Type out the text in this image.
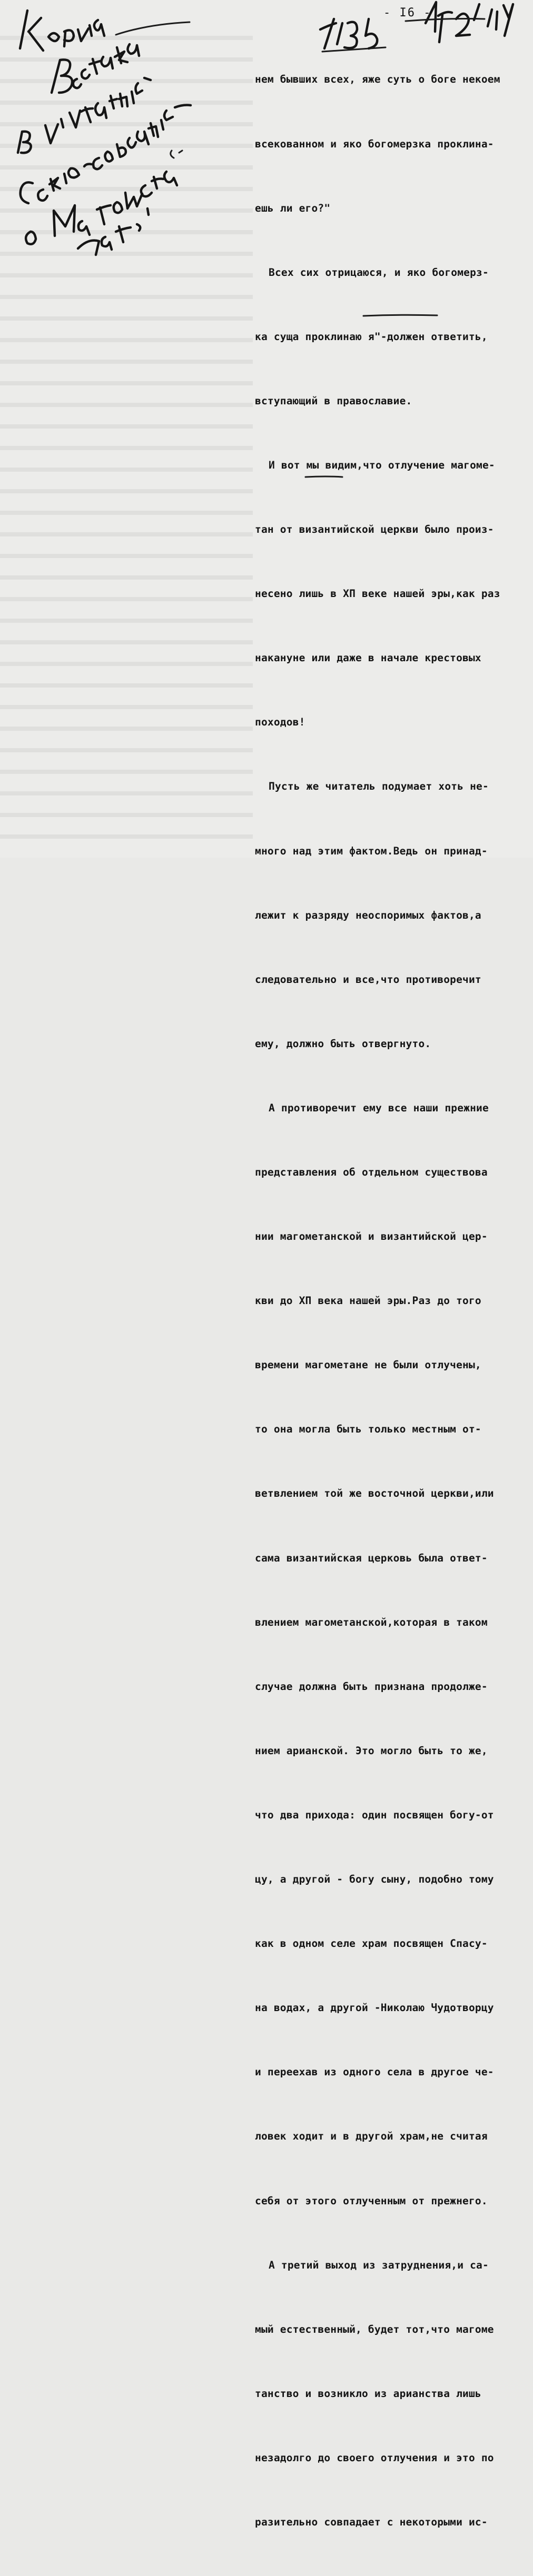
- I6 -

нем бывших всех, яже суть о боге некоем

всекованном и яко богомерзка проклина-

ешь ли его?"

Всех сих отрицаюся, и яко богомерз-

ка суща проклинаю я"-должен ответить,

вступающий в православие.

И вот мы видим,что отлучение магоме-

тан от византийской церкви было произ-

несено лишь в ХП веке нашей эры,как раз

накануне или даже в начале крестовых

походов!

Пусть же читатель подумает хоть не-

много над этим фактом.Ведь он принад-

лежит к разряду неоспоримых фактов,а

следовательно и все,что противоречит

ему, должно быть отвергнуто.

А противоречит ему все наши прежние

представления об отдельном существова

нии магометанской и византийской цер-

кви до ХП века нашей эры.Раз до того

времени магометане не были отлучены,

то она могла быть только местным от-

ветвлением той же восточной церкви,или

сама византийская церковь была ответ-

влением магометанской,которая в таком

случае должна быть признана продолже-

нием арианской. Это могло быть то же,

что два прихода: один посвящен богу-от

цу, а другой - богу сыну, подобно тому

как в одном селе храм посвящен Спасу-

на водах, а другой -Николаю Чудотворцу

и переехав из одного села в другое че-

ловек ходит и в другой храм,не считая

себя от этого отлученным от прежнего.

А третий выход из затруднения,и са-

мый естественный, будет тот,что магоме

танство и возникло из арианства лишь

незадолго до своего отлучения и это по

разительно совпадает с некоторыми ис-
